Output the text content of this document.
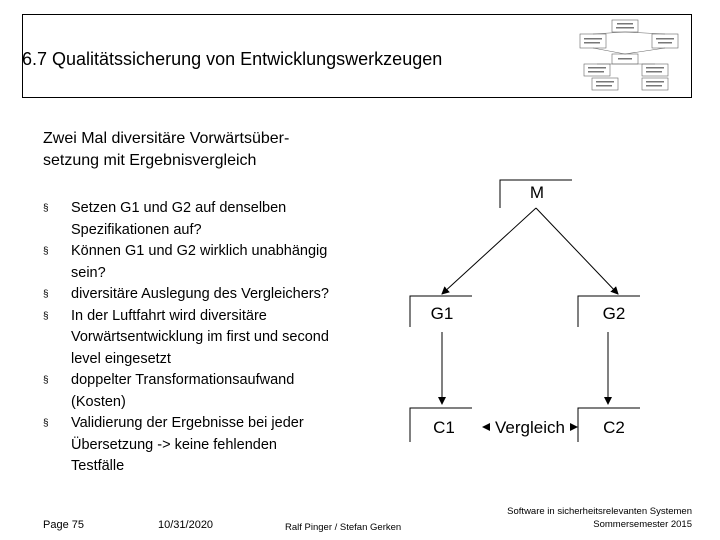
6.7 Qualitätssicherung von Entwicklungswerkzeugen
Zwei Mal diversitäre Vorwärtsüber-
setzung mit Ergebnisvergleich
§ Setzen G1 und G2 auf denselben
Spezifikationen auf?
§ Können G1 und G2 wirklich unabhängig
sein?
§ diversitäre Auslegung des Vergleichers?
§ In der Luftfahrt wird diversitäre
Vorwärtsentwicklung im first und second
level eingesetzt
§ doppelter Transformationsaufwand
(Kosten)
§ Validierung der Ergebnisse bei jeder
Übersetzung -> keine fehlenden
Testfälle
M
G1	G2
C1	C2
Vergleich
Page 75	10/31/2020	Ralf Pinger / Stefan Gerken
Software in sicherheitsrelevanten Systemen
Sommersemester 2015
